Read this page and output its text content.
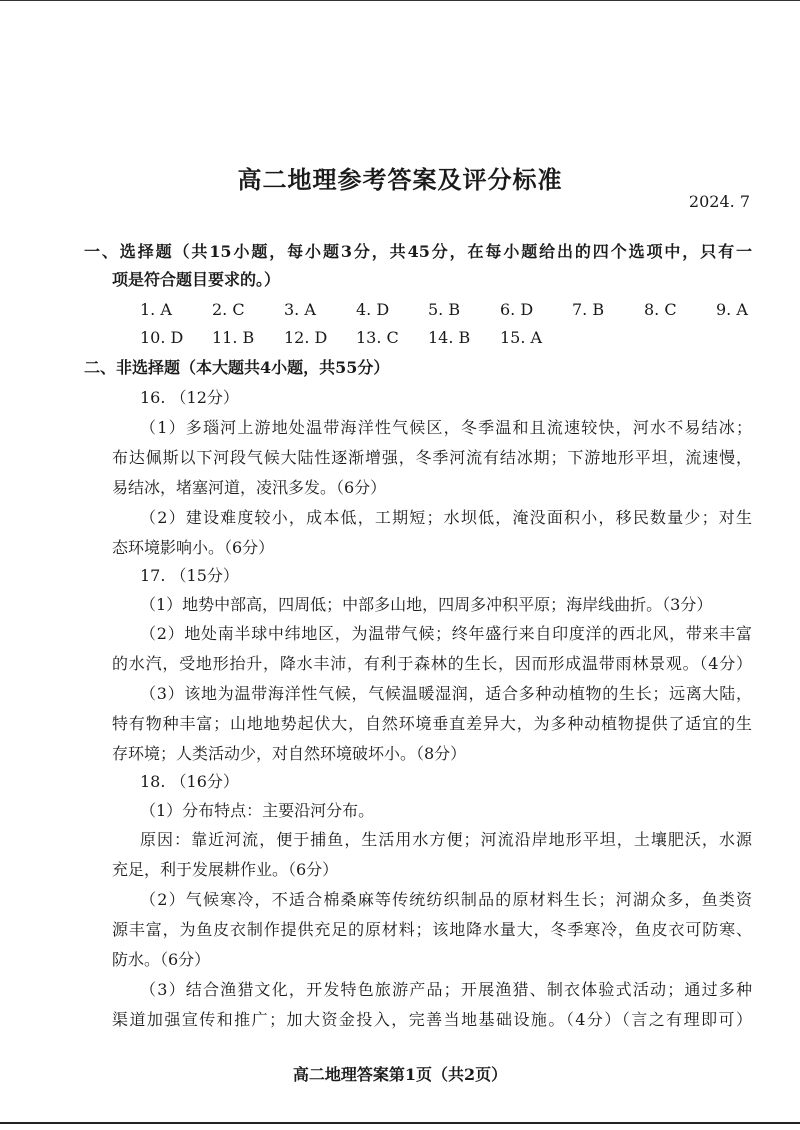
高二地理参考答案及评分标准
2024. 7
一、选择题（共15小题，每小题3分，共45分，在每小题给出的四个选项中，只有一
项是符合题目要求的。）
1. A	2. C 3. A	4. D 5. B 6. D 7. B 8. C 9. A
10. D 11. B 12. D 13. C 14. B 15. A
二、非选择题（本大题共4小题，共55分）
16. （12分）
（1）多瑙河上游地处温带海洋性气候区，冬季温和且流速较快，河水不易结冰；
布达佩斯以下河段气候大陆性逐渐增强，冬季河流有结冰期；下游地形平坦，流速慢，
易结冰，堵塞河道，凌汛多发。（6分）
（2）建设难度较小，成本低，工期短；水坝低，淹没面积小，移民数量少；对生
态环境影响小。（6分）
17. （15分）
（1）地势中部高，四周低；中部多山地，四周多冲积平原；海岸线曲折。（3分）
（2）地处南半球中纬地区，为温带气候；终年盛行来自印度洋的西北风，带来丰富
的水汽，受地形抬升，降水丰沛，有利于森林的生长，因而形成温带雨林景观。（4分）
（3）该地为温带海洋性气候，气候温暖湿润，适合多种动植物的生长；远离大陆，
特有物种丰富；山地地势起伏大，自然环境垂直差异大，为多种动植物提供了适宜的生
存环境；人类活动少，对自然环境破坏小。（8分）
18. （16分）
（1）分布特点：主要沿河分布。
原因：靠近河流，便于捕鱼，生活用水方便；河流沿岸地形平坦，土壤肥沃，水源
充足，利于发展耕作业。（6分）
（2）气候寒冷，不适合棉桑麻等传统纺织制品的原材料生长；河湖众多，鱼类资
源丰富，为鱼皮衣制作提供充足的原材料；该地降水量大，冬季寒冷，鱼皮衣可防寒、
防水。（6分）
（3）结合渔猎文化，开发特色旅游产品；开展渔猎、制衣体验式活动；通过多种
渠道加强宣传和推广；加大资金投入，完善当地基础设施。（4分）（言之有理即可）
高二地理答案第1页（共2页）
